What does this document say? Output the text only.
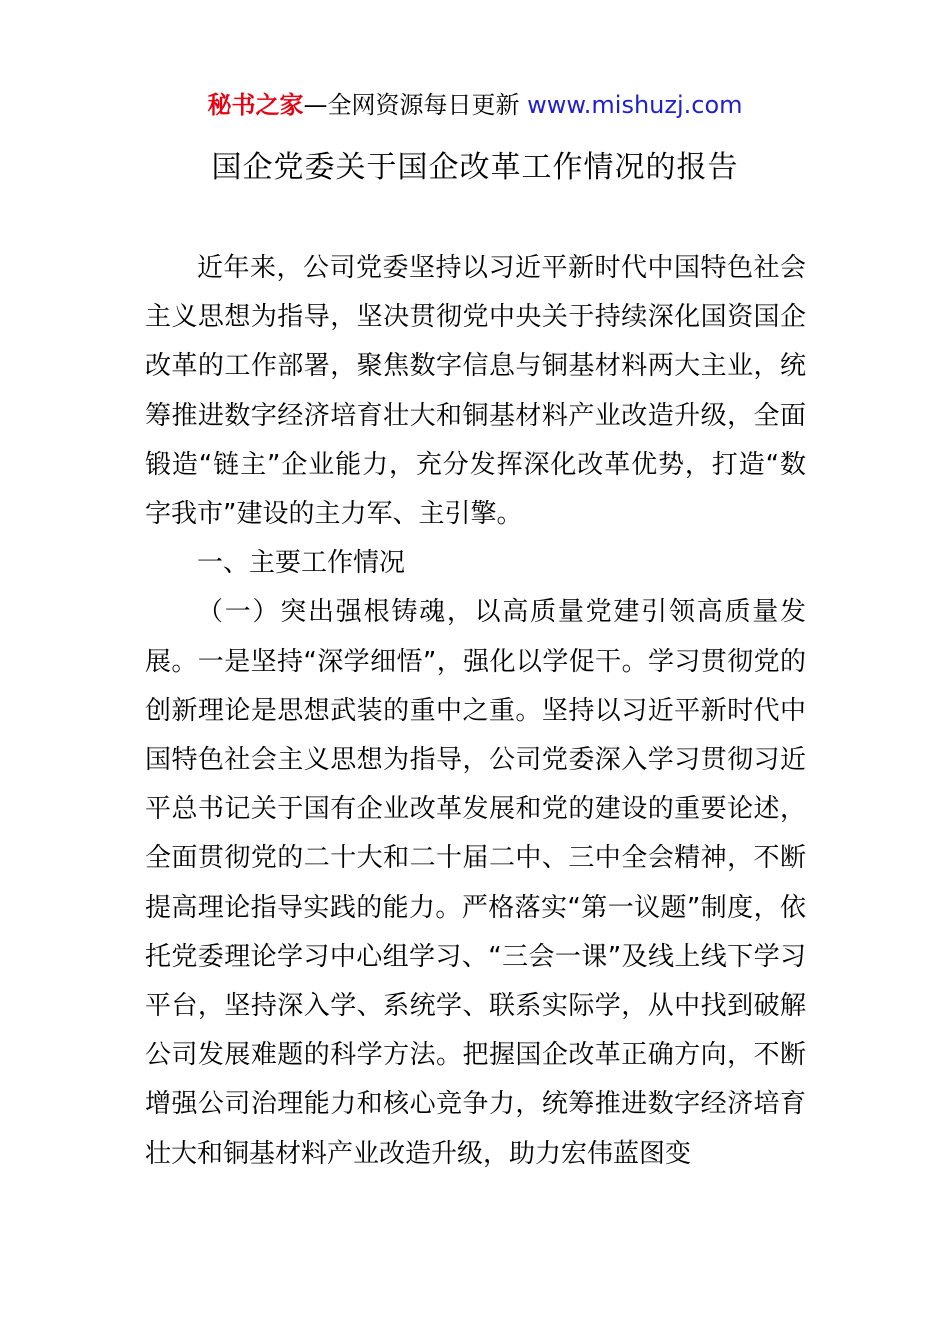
秘书之家—全网资源每日更新 www.mishuzj.com
国企党委关于国企改革工作情况的报告

近年来，公司党委坚持以习近平新时代中国特色社会主义思想为指导，坚决贯彻党中央关于持续深化国资国企改革的工作部署，聚焦数字信息与铜基材料两大主业，统筹推进数字经济培育壮大和铜基材料产业改造升级，全面锻造“链主”企业能力，充分发挥深化改革优势，打造“数字我市”建设的主力军、主引擎。

一、主要工作情况

（一）突出强根铸魂，以高质量党建引领高质量发展。一是坚持“深学细悟”，强化以学促干。学习贯彻党的创新理论是思想武装的重中之重。坚持以习近平新时代中国特色社会主义思想为指导，公司党委深入学习贯彻习近平总书记关于国有企业改革发展和党的建设的重要论述，全面贯彻党的二十大和二十届二中、三中全会精神，不断提高理论指导实践的能力。严格落实“第一议题”制度，依托党委理论学习中心组学习、“三会一课”及线上线下学习平台，坚持深入学、系统学、联系实际学，从中找到破解公司发展难题的科学方法。把握国企改革正确方向，不断增强公司治理能力和核心竞争力，统筹推进数字经济培育壮大和铜基材料产业改造升级，助力宏伟蓝图变
